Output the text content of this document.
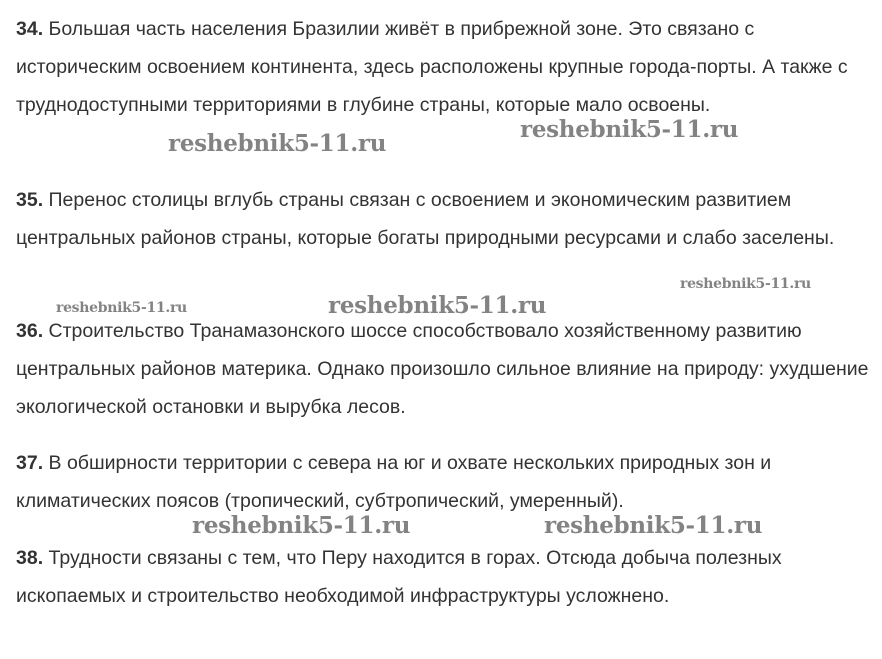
34. Большая часть населения Бразилии живёт в прибрежной зоне. Это связано с историческим освоением континента, здесь расположены крупные города-порты. А также с труднодоступными территориями в глубине страны, которые мало освоены.

35. Перенос столицы вглубь страны связан с освоением и экономическим развитием центральных районов страны, которые богаты природными ресурсами и слабо заселены.

36. Строительство Транамазонского шоссе способствовало хозяйственному развитию центральных районов материка. Однако произошло сильное влияние на природу: ухудшение экологической остановки и вырубка лесов.

37. В обширности территории с севера на юг и охвате нескольких природных зон и климатических поясов (тропический, субтропический, умеренный).

38. Трудности связаны с тем, что Перу находится в горах. Отсюда добыча полезных ископаемых и строительство необходимой инфраструктуры усложнено.

reshebnik5-11.ru
reshebnik5-11.ru
reshebnik5-11.ru
reshebnik5-11.ru	reshebnik5-11.ru
reshebnik5-11.ru	reshebnik5-11.ru
